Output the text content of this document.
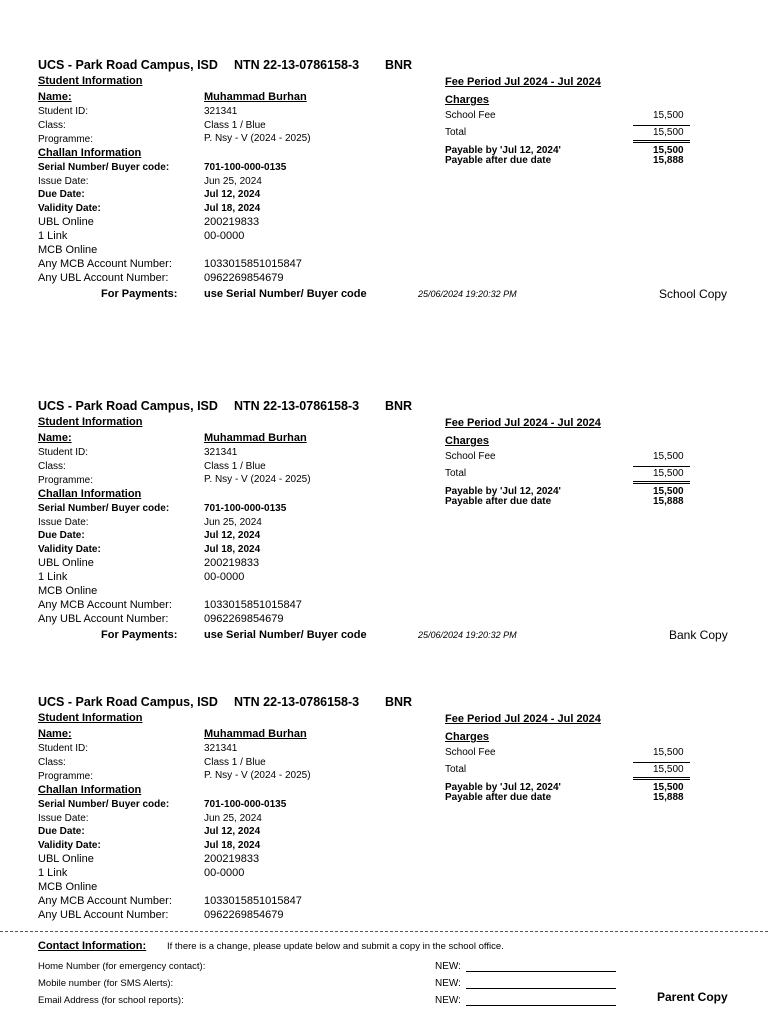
UCS - Park Road Campus, ISD NTN 22-13-0786158-3 BNR
Student Information
Name:	Muhammad Burhan
Student ID:	321341
Class:	Class 1 / Blue
Programme:	P. Nsy - V (2024 - 2025)
Challan Information
Serial Number/ Buyer code:	701-100-000-0135
Issue Date:	Jun 25, 2024
Due Date:	Jul 12, 2024
Validity Date:	Jul 18, 2024
UBL Online	200219833
1 Link	00-0000
MCB Online
Any MCB Account Number:	1033015851015847
Any UBL Account Number:	0962269854679
For Payments: use Serial Number/ Buyer code	25/06/2024 19:20:32 PM	School Copy
Fee Period Jul 2024 - Jul 2024
Charges
School Fee	15,500
Total	15,500
Payable by 'Jul 12, 2024'	15,500
Payable after due date	15,888
UCS - Park Road Campus, ISD NTN 22-13-0786158-3 BNR
Student Information
Name:	Muhammad Burhan
Student ID:	321341
Class:	Class 1 / Blue
Programme:	P. Nsy - V (2024 - 2025)
Challan Information
Serial Number/ Buyer code:	701-100-000-0135
Issue Date:	Jun 25, 2024
Due Date:	Jul 12, 2024
Validity Date:	Jul 18, 2024
UBL Online	200219833
1 Link	00-0000
MCB Online
Any MCB Account Number:	1033015851015847
Any UBL Account Number:	0962269854679
For Payments: use Serial Number/ Buyer code	25/06/2024 19:20:32 PM	Bank Copy
Fee Period Jul 2024 - Jul 2024
Charges
School Fee	15,500
Total	15,500
Payable by 'Jul 12, 2024'	15,500
Payable after due date	15,888
UCS - Park Road Campus, ISD NTN 22-13-0786158-3 BNR
Student Information
Name:	Muhammad Burhan
Student ID:	321341
Class:	Class 1 / Blue
Programme:	P. Nsy - V (2024 - 2025)
Challan Information
Serial Number/ Buyer code:	701-100-000-0135
Issue Date:	Jun 25, 2024
Due Date:	Jul 12, 2024
Validity Date:	Jul 18, 2024
UBL Online	200219833
1 Link	00-0000
MCB Online
Any MCB Account Number:	1033015851015847
Any UBL Account Number:	0962269854679
Fee Period Jul 2024 - Jul 2024
Charges
School Fee	15,500
Total	15,500
Payable by 'Jul 12, 2024'	15,500
Payable after due date	15,888
Contact Information: If there is a change, please update below and submit a copy in the school office.
Home Number (for emergency contact):	NEW:
Mobile number (for SMS Alerts):	NEW:
Email Address (for school reports):	NEW:	Parent Copy
